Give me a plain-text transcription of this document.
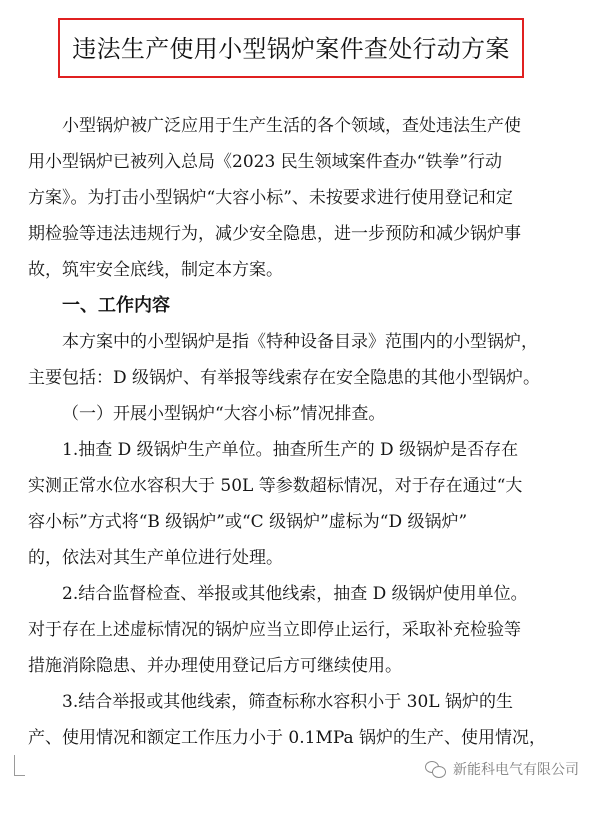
违法生产使用小型锅炉案件查处行动方案
小型锅炉被广泛应用于生产生活的各个领域，查处违法生产使
用小型锅炉已被列入总局《2023 民生领域案件查办“铁拳”行动
方案》。为打击小型锅炉“大容小标”、未按要求进行使用登记和定
期检验等违法违规行为，减少安全隐患，进一步预防和减少锅炉事
故，筑牢安全底线，制定本方案。
一、工作内容
本方案中的小型锅炉是指《特种设备目录》范围内的小型锅炉，
主要包括：D 级锅炉、有举报等线索存在安全隐患的其他小型锅炉。
（一）开展小型锅炉“大容小标”情况排查。
1.抽查 D 级锅炉生产单位。抽查所生产的 D 级锅炉是否存在
实测正常水位水容积大于 50L 等参数超标情况，对于存在通过“大
容小标”方式将“B 级锅炉”或“C 级锅炉”虚标为“D 级锅炉”
的，依法对其生产单位进行处理。
2.结合监督检查、举报或其他线索，抽查 D 级锅炉使用单位。
对于存在上述虚标情况的锅炉应当立即停止运行，采取补充检验等
措施消除隐患、并办理使用登记后方可继续使用。
3.结合举报或其他线索，筛查标称水容积小于 30L 锅炉的生
产、使用情况和额定工作压力小于 0.1MPa 锅炉的生产、使用情况，
新能科电气有限公司
